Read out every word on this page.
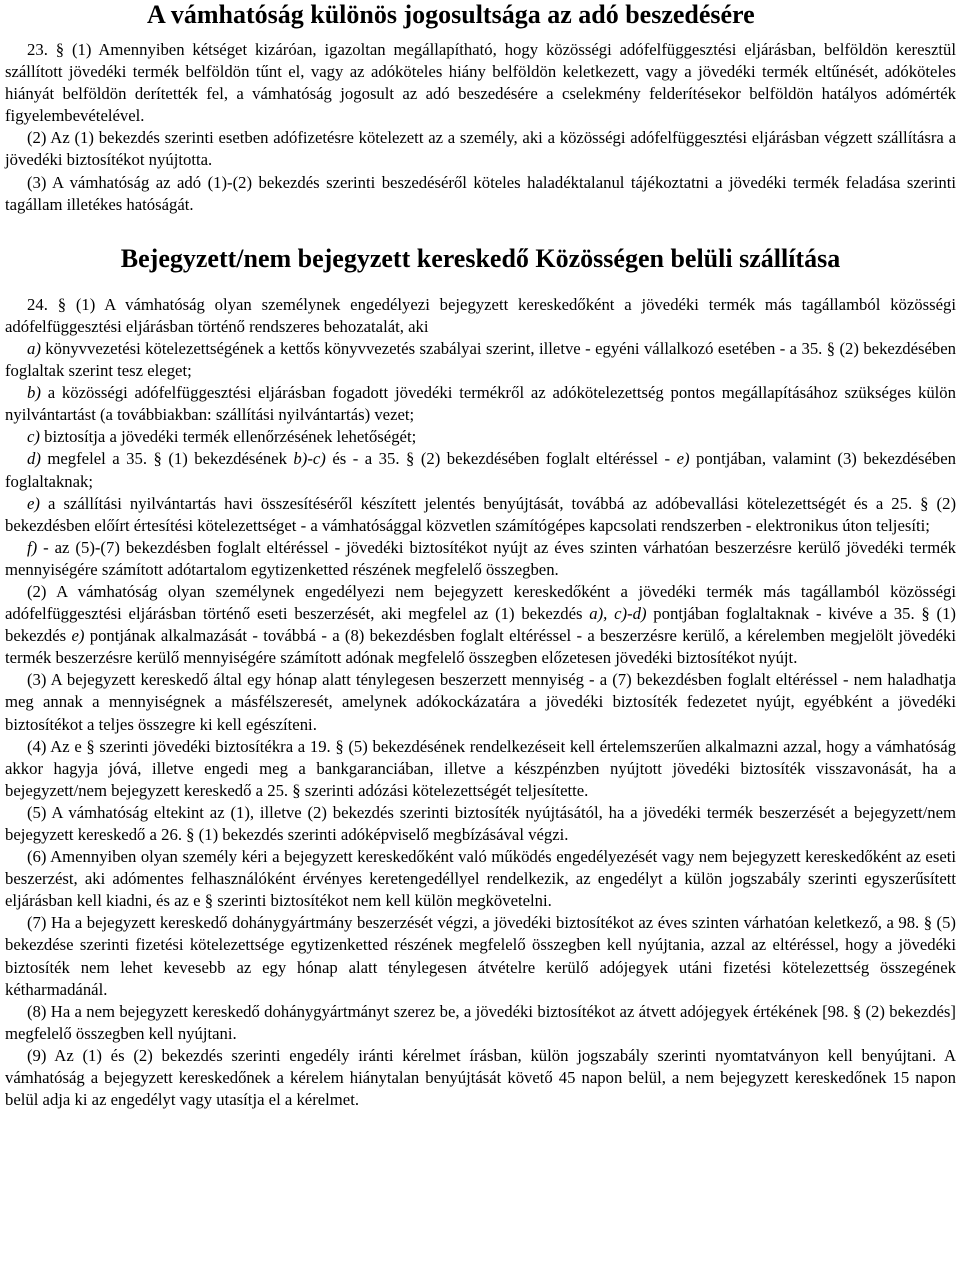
A vámhatóság különös jogosultsága az adó beszedésére

23. § (1) Amennyiben kétséget kizáróan, igazoltan megállapítható, hogy közösségi adófelfüggesztési eljárásban, belföldön keresztül szállított jövedéki termék belföldön tűnt el, vagy az adóköteles hiány belföldön keletkezett, vagy a jövedéki termék eltűnését, adóköteles hiányát belföldön derítették fel, a vámhatóság jogosult az adó beszedésére a cselekmény felderítésekor belföldön hatályos adómérték figyelembevételével.

(2) Az (1) bekezdés szerinti esetben adófizetésre kötelezett az a személy, aki a közösségi adófelfüggesztési eljárásban végzett szállításra a jövedéki biztosítékot nyújtotta.

(3) A vámhatóság az adó (1)-(2) bekezdés szerinti beszedéséről köteles haladéktalanul tájékoztatni a jövedéki termék feladása szerinti tagállam illetékes hatóságát.

Bejegyzett/nem bejegyzett kereskedő Közösségen belüli szállítása

24. § (1) A vámhatóság olyan személynek engedélyezi bejegyzett kereskedőként a jövedéki termék más tagállamból közösségi adófelfüggesztési eljárásban történő rendszeres behozatalát, aki

a) könyvvezetési kötelezettségének a kettős könyvvezetés szabályai szerint, illetve - egyéni vállalkozó esetében - a 35. § (2) bekezdésében foglaltak szerint tesz eleget;

b) a közösségi adófelfüggesztési eljárásban fogadott jövedéki termékről az adókötelezettség pontos megállapításához szükséges külön nyilvántartást (a továbbiakban: szállítási nyilvántartás) vezet;

c) biztosítja a jövedéki termék ellenőrzésének lehetőségét;

d) megfelel a 35. § (1) bekezdésének b)-c) és - a 35. § (2) bekezdésében foglalt eltéréssel - e) pontjában, valamint (3) bekezdésében foglaltaknak;

e) a szállítási nyilvántartás havi összesítéséről készített jelentés benyújtását, továbbá az adóbevallási kötelezettségét és a 25. § (2) bekezdésben előírt értesítési kötelezettséget - a vámhatósággal közvetlen számítógépes kapcsolati rendszerben - elektronikus úton teljesíti;

f) - az (5)-(7) bekezdésben foglalt eltéréssel - jövedéki biztosítékot nyújt az éves szinten várhatóan beszerzésre kerülő jövedéki termék mennyiségére számított adótartalom egytizenketted részének megfelelő összegben.

(2) A vámhatóság olyan személynek engedélyezi nem bejegyzett kereskedőként a jövedéki termék más tagállamból közösségi adófelfüggesztési eljárásban történő eseti beszerzését, aki megfelel az (1) bekezdés a), c)-d) pontjában foglaltaknak - kivéve a 35. § (1) bekezdés e) pontjának alkalmazását - továbbá - a (8) bekezdésben foglalt eltéréssel - a beszerzésre kerülő, a kérelemben megjelölt jövedéki termék beszerzésre kerülő mennyiségére számított adónak megfelelő összegben előzetesen jövedéki biztosítékot nyújt.

(3) A bejegyzett kereskedő által egy hónap alatt ténylegesen beszerzett mennyiség - a (7) bekezdésben foglalt eltéréssel - nem haladhatja meg annak a mennyiségnek a másfélszeresét, amelynek adókockázatára a jövedéki biztosíték fedezetet nyújt, egyébként a jövedéki biztosítékot a teljes összegre ki kell egészíteni.

(4) Az e § szerinti jövedéki biztosítékra a 19. § (5) bekezdésének rendelkezéseit kell értelemszerűen alkalmazni azzal, hogy a vámhatóság akkor hagyja jóvá, illetve engedi meg a bankgaranciában, illetve a készpénzben nyújtott jövedéki biztosíték visszavonását, ha a bejegyzett/nem bejegyzett kereskedő a 25. § szerinti adózási kötelezettségét teljesítette.

(5) A vámhatóság eltekint az (1), illetve (2) bekezdés szerinti biztosíték nyújtásától, ha a jövedéki termék beszerzését a bejegyzett/nem bejegyzett kereskedő a 26. § (1) bekezdés szerinti adóképviselő megbízásával végzi.

(6) Amennyiben olyan személy kéri a bejegyzett kereskedőként való működés engedélyezését vagy nem bejegyzett kereskedőként az eseti beszerzést, aki adómentes felhasználóként érvényes keretengedéllyel rendelkezik, az engedélyt a külön jogszabály szerinti egyszerűsített eljárásban kell kiadni, és az e § szerinti biztosítékot nem kell külön megkövetelni.

(7) Ha a bejegyzett kereskedő dohánygyártmány beszerzését végzi, a jövedéki biztosítékot az éves szinten várhatóan keletkező, a 98. § (5) bekezdése szerinti fizetési kötelezettsége egytizenketted részének megfelelő összegben kell nyújtania, azzal az eltéréssel, hogy a jövedéki biztosíték nem lehet kevesebb az egy hónap alatt ténylegesen átvételre kerülő adójegyek utáni fizetési kötelezettség összegének kétharmadánál.

(8) Ha a nem bejegyzett kereskedő dohánygyártmányt szerez be, a jövedéki biztosítékot az átvett adójegyek értékének [98. § (2) bekezdés] megfelelő összegben kell nyújtani.

(9) Az (1) és (2) bekezdés szerinti engedély iránti kérelmet írásban, külön jogszabály szerinti nyomtatványon kell benyújtani. A vámhatóság a bejegyzett kereskedőnek a kérelem hiánytalan benyújtását követő 45 napon belül, a nem bejegyzett kereskedőnek 15 napon belül adja ki az engedélyt vagy utasítja el a kérelmet.
